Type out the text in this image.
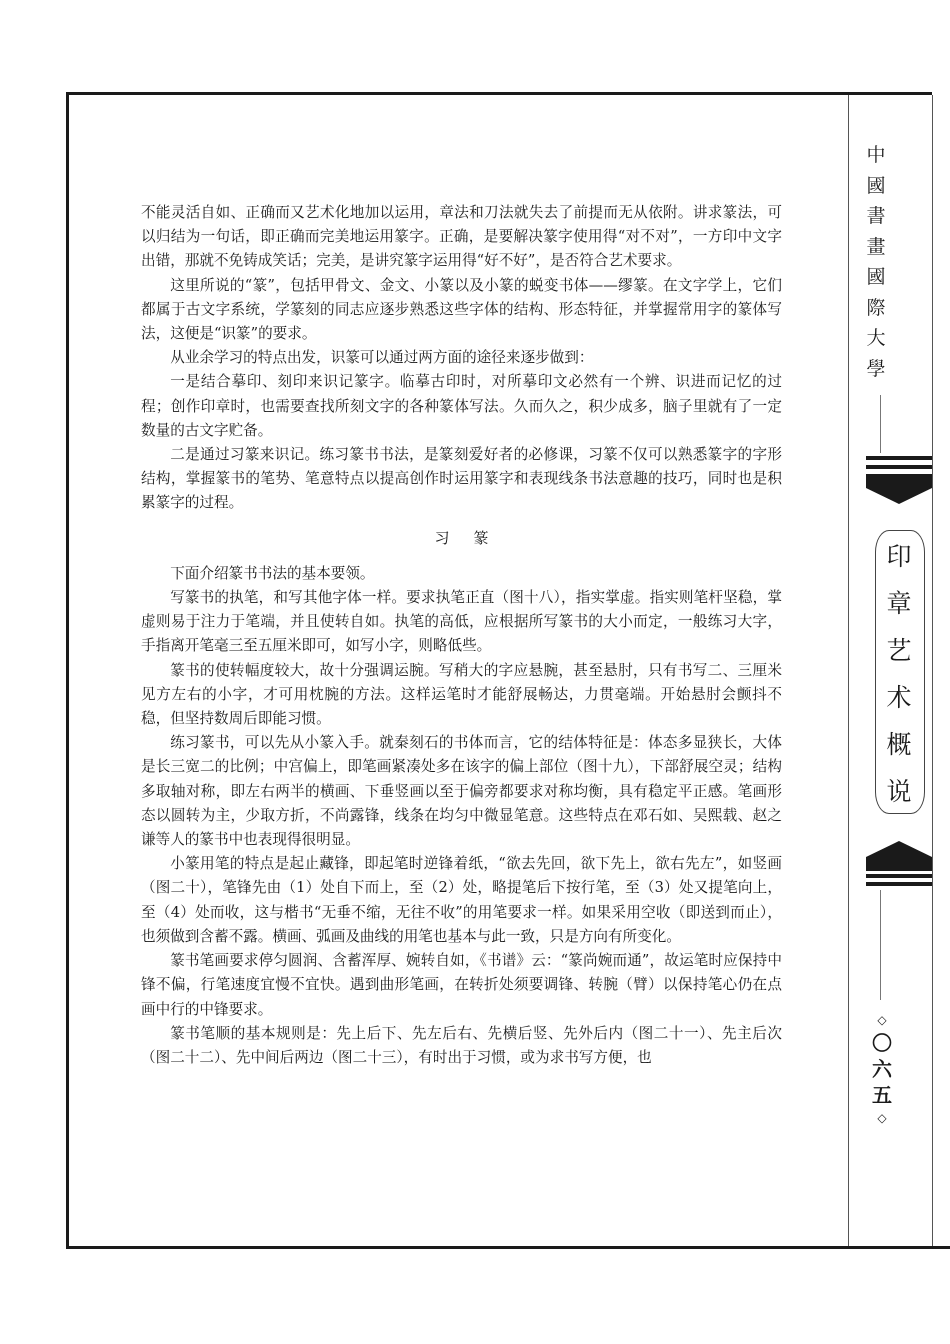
不能灵活自如、正确而又艺术化地加以运用，章法和刀法就失去了前提而无从依附。讲求篆法，可以归结为一句话，即正确而完美地运用篆字。正确，是要解决篆字使用得“对不对”，一方印中文字出错，那就不免铸成笑话；完美，是讲究篆字运用得“好不好”，是否符合艺术要求。

这里所说的“篆”，包括甲骨文、金文、小篆以及小篆的蜕变书体——缪篆。在文字学上，它们都属于古文字系统，学篆刻的同志应逐步熟悉这些字体的结构、形态特征，并掌握常用字的篆体写法，这便是“识篆”的要求。

从业余学习的特点出发，识篆可以通过两方面的途径来逐步做到：

一是结合摹印、刻印来识记篆字。临摹古印时，对所摹印文必然有一个辨、识进而记忆的过程；创作印章时，也需要查找所刻文字的各种篆体写法。久而久之，积少成多，脑子里就有了一定数量的古文字贮备。

二是通过习篆来识记。练习篆书书法，是篆刻爱好者的必修课，习篆不仅可以熟悉篆字的字形结构，掌握篆书的笔势、笔意特点以提高创作时运用篆字和表现线条书法意趣的技巧，同时也是积累篆字的过程。

习篆

下面介绍篆书书法的基本要领。

写篆书的执笔，和写其他字体一样。要求执笔正直（图十八），指实掌虚。指实则笔杆坚稳，掌虚则易于注力于笔端，并且使转自如。执笔的高低，应根据所写篆书的大小而定，一般练习大字，手指离开笔毫三至五厘米即可，如写小字，则略低些。

篆书的使转幅度较大，故十分强调运腕。写稍大的字应悬腕，甚至悬肘，只有书写二、三厘米见方左右的小字，才可用枕腕的方法。这样运笔时才能舒展畅达，力贯毫端。开始悬肘会颤抖不稳，但坚持数周后即能习惯。

练习篆书，可以先从小篆入手。就秦刻石的书体而言，它的结体特征是：体态多显狭长，大体是长三宽二的比例；中宫偏上，即笔画紧凑处多在该字的偏上部位（图十九），下部舒展空灵；结构多取轴对称，即左右两半的横画、下垂竖画以至于偏旁都要求对称均衡，具有稳定平正感。笔画形态以圆转为主，少取方折，不尚露锋，线条在均匀中微显笔意。这些特点在邓石如、吴熙载、赵之谦等人的篆书中也表现得很明显。

小篆用笔的特点是起止藏锋，即起笔时逆锋着纸，“欲去先回，欲下先上，欲右先左”，如竖画（图二十），笔锋先由（1）处自下而上，至（2）处，略提笔后下按行笔，至（3）处又提笔向上，至（4）处而收，这与楷书“无垂不缩，无往不收”的用笔要求一样。如果采用空收（即送到而止），也须做到含蓄不露。横画、弧画及曲线的用笔也基本与此一致，只是方向有所变化。

篆书笔画要求停匀圆润、含蓄浑厚、婉转自如，《书谱》云：“篆尚婉而通”，故运笔时应保持中锋不偏，行笔速度宜慢不宜快。遇到曲形笔画，在转折处须要调锋、转腕（臂）以保持笔心仍在点画中行的中锋要求。

篆书笔顺的基本规则是：先上后下、先左后右、先横后竖、先外后内（图二十一）、先主后次（图二十二）、先中间后两边（图二十三），有时出于习惯，或为求书写方便，也

中
國
書
畫
國
際
大
學
印
章
艺
术
概
说
◇
〇
六
五
◇
